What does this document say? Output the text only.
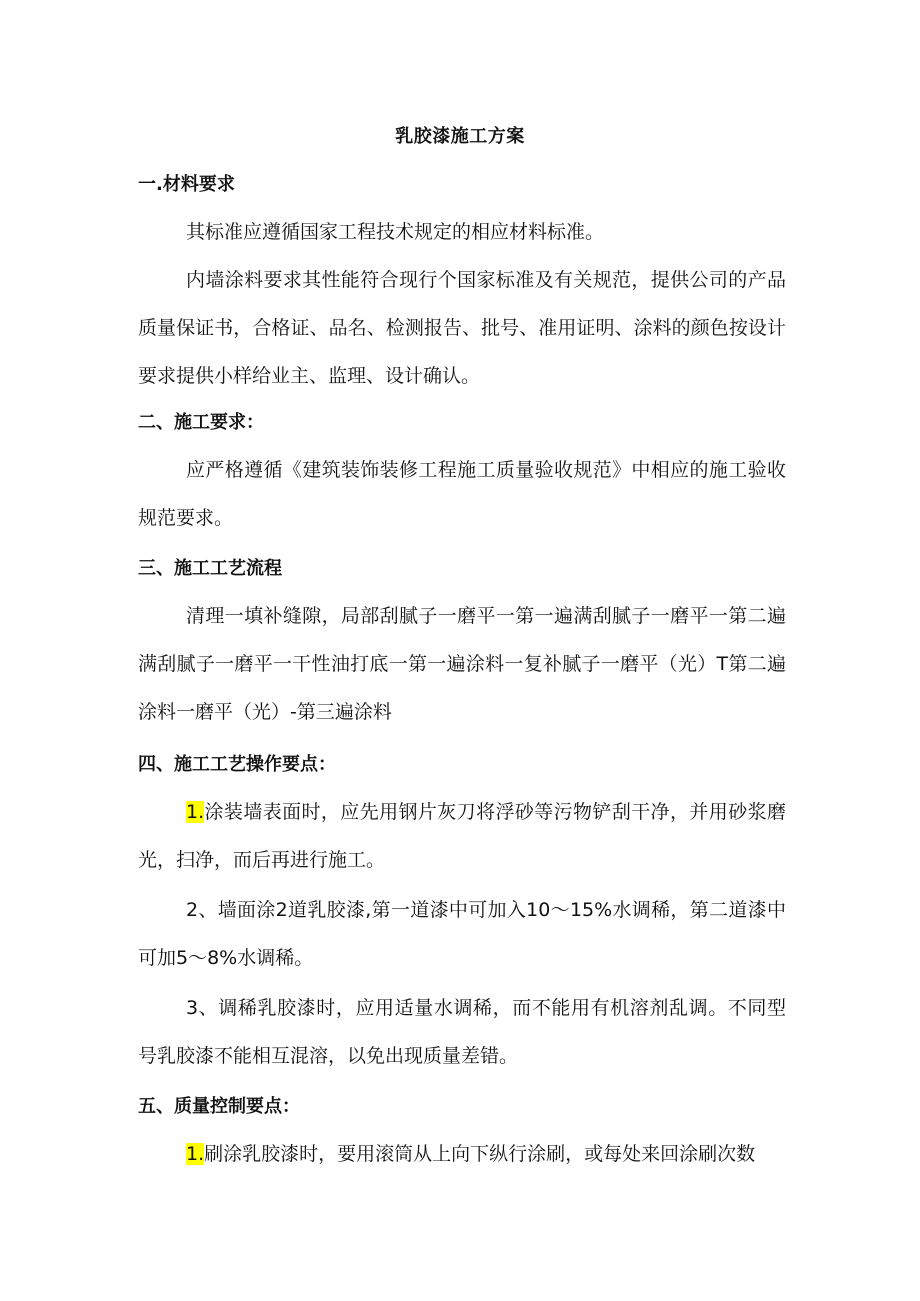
乳胶漆施工方案
一.材料要求
其标准应遵循国家工程技术规定的相应材料标准。
内墙涂料要求其性能符合现行个国家标准及有关规范，提供公司的产品质量保证书，合格证、品名、检测报告、批号、准用证明、涂料的颜色按设计要求提供小样给业主、监理、设计确认。
二、施工要求：
应严格遵循《建筑装饰装修工程施工质量验收规范》中相应的施工验收规范要求。
三、施工工艺流程
清理一填补缝隙，局部刮腻子一磨平一第一遍满刮腻子一磨平一第二遍满刮腻子一磨平一干性油打底一第一遍涂料一复补腻子一磨平（光）T第二遍涂料一磨平（光）-第三遍涂料
四、施工工艺操作要点：
1.涂装墙表面时，应先用钢片灰刀将浮砂等污物铲刮干净，并用砂浆磨光，扫净，而后再进行施工。
2、墙面涂2道乳胶漆,第一道漆中可加入10～15%水调稀，第二道漆中可加5～8%水调稀。
3、调稀乳胶漆时，应用适量水调稀，而不能用有机溶剂乱调。不同型号乳胶漆不能相互混溶，以免出现质量差错。
五、质量控制要点：
1.刷涂乳胶漆时，要用滚筒从上向下纵行涂刷，或每处来回涂刷次数
